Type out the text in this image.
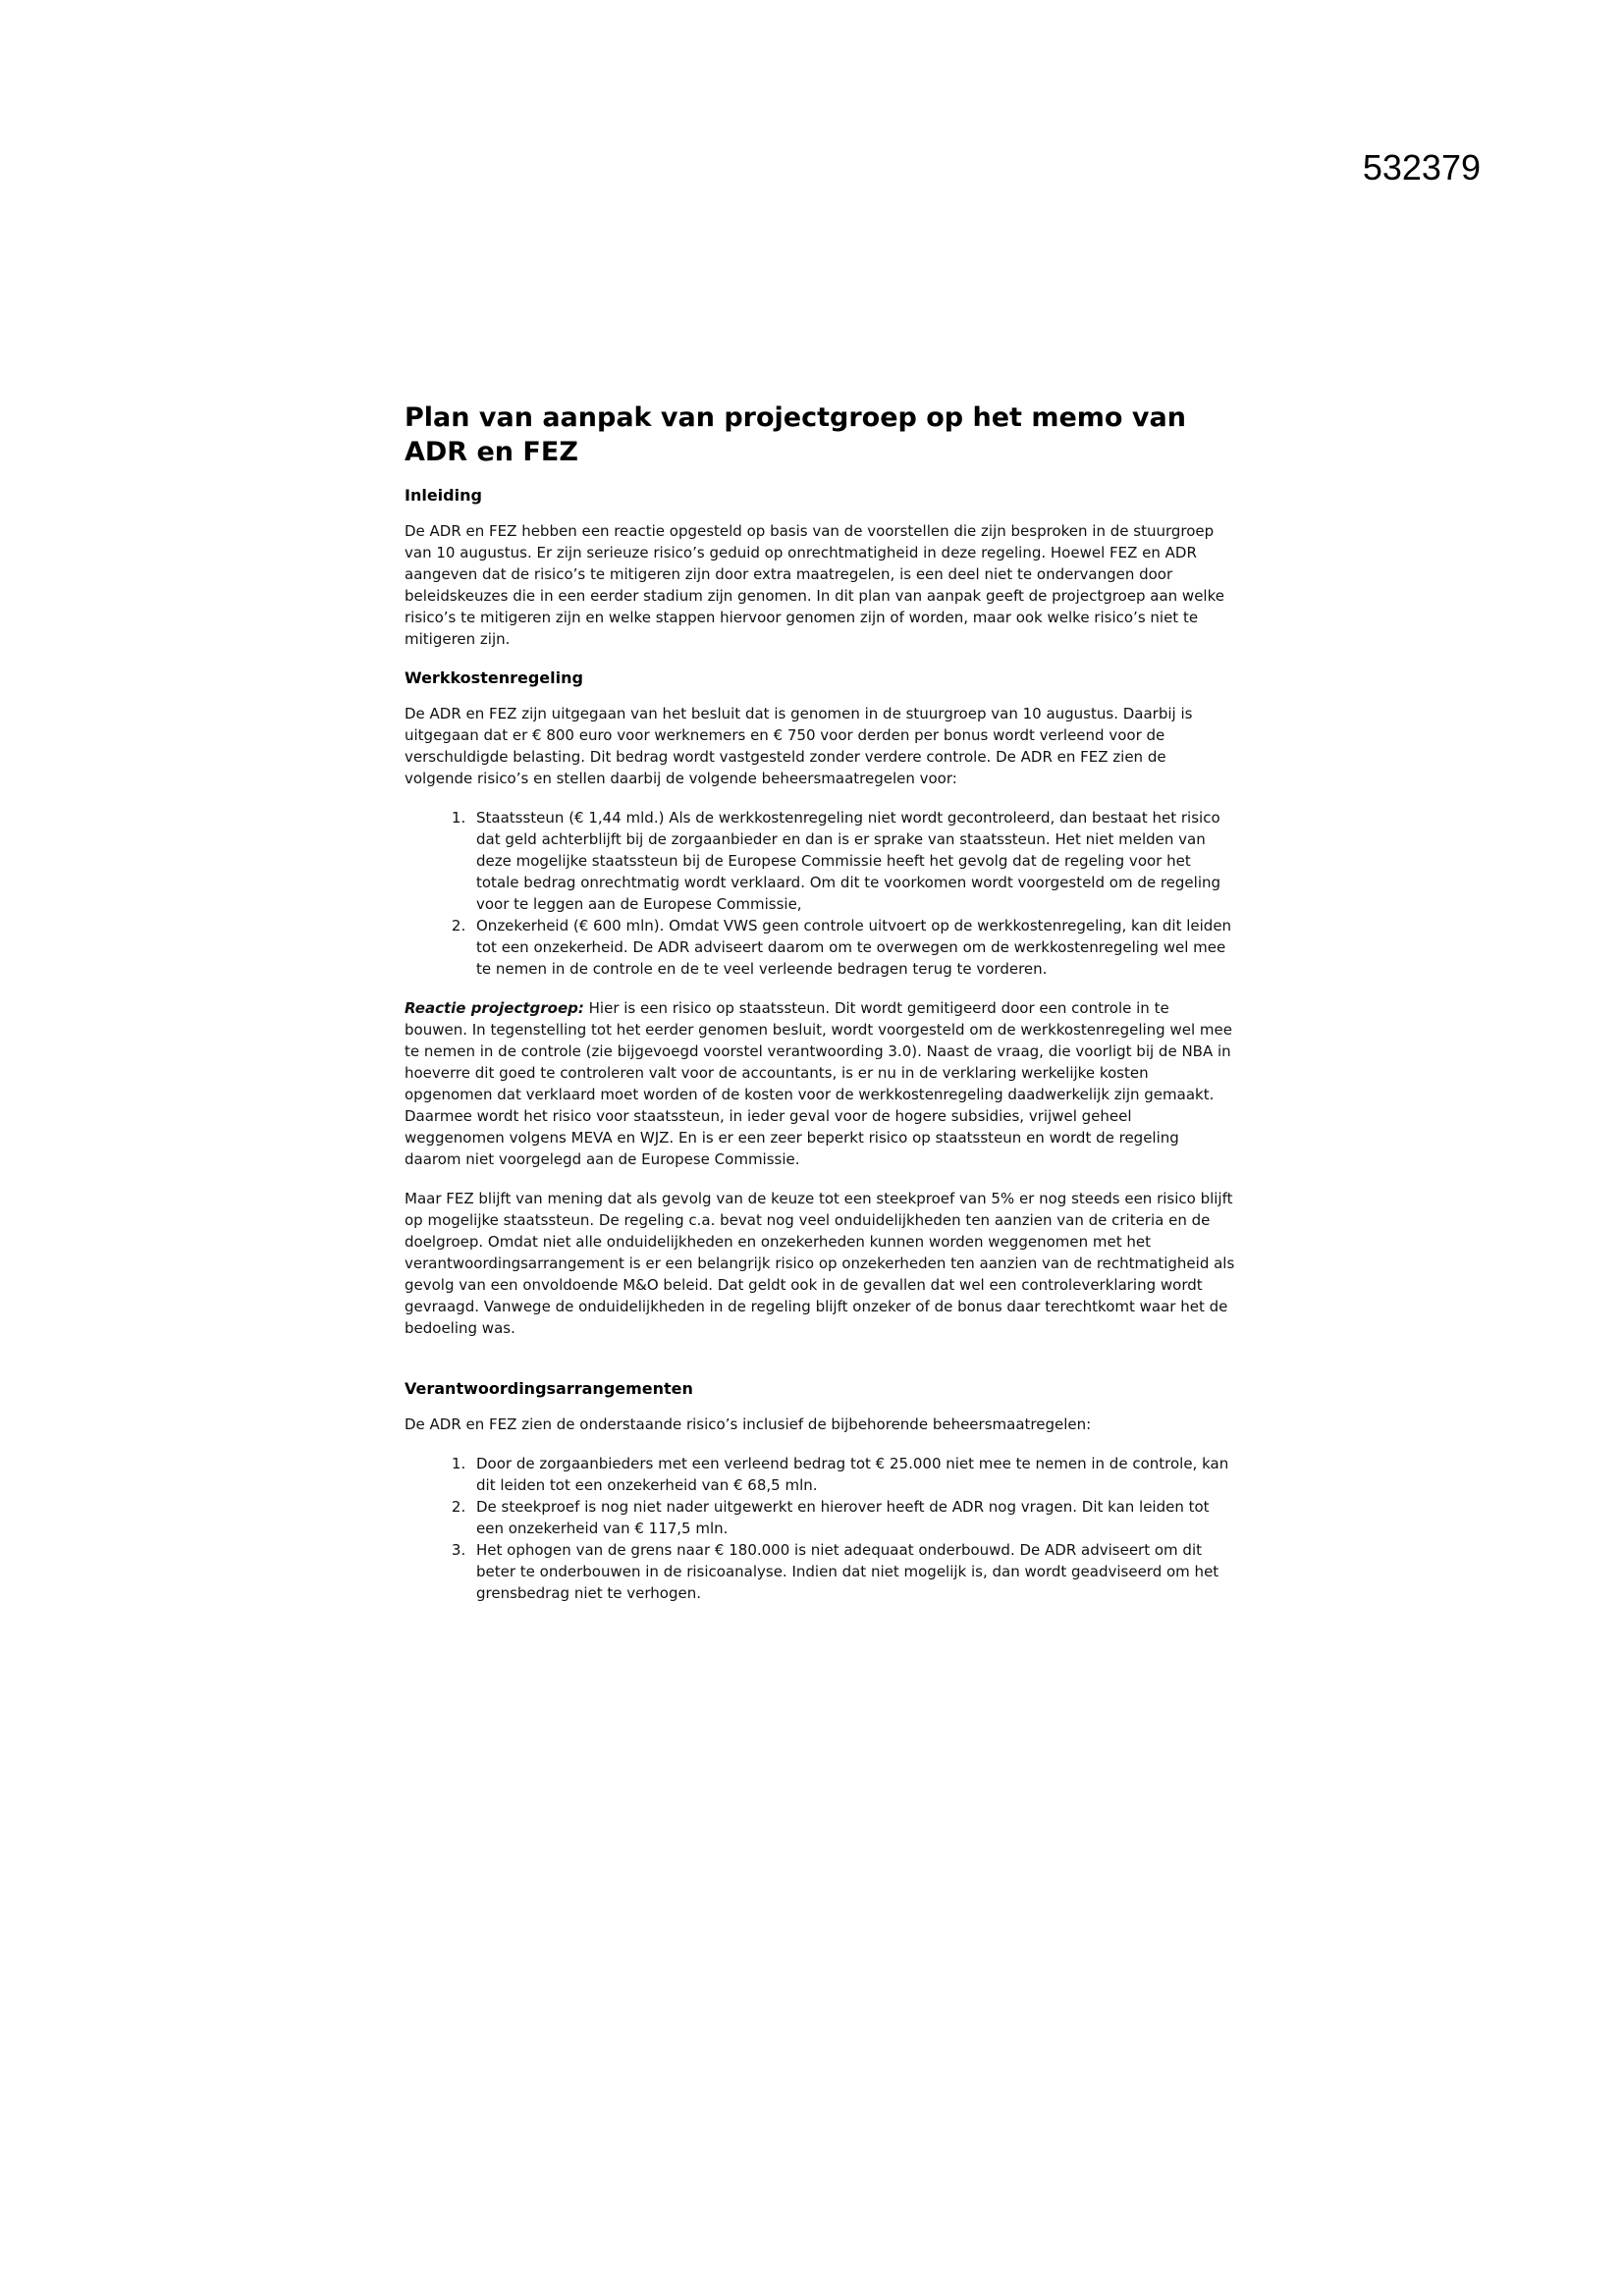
532379
Plan van aanpak van projectgroep op het memo van ADR en FEZ
Inleiding

De ADR en FEZ hebben een reactie opgesteld op basis van de voorstellen die zijn besproken in de stuurgroep van 10 augustus. Er zijn serieuze risico’s geduid op onrechtmatigheid in deze regeling. Hoewel FEZ en ADR aangeven dat de risico’s te mitigeren zijn door extra maatregelen, is een deel niet te ondervangen door beleidskeuzes die in een eerder stadium zijn genomen. In dit plan van aanpak geeft de projectgroep aan welke risico’s te mitigeren zijn en welke stappen hiervoor genomen zijn of worden, maar ook welke risico’s niet te mitigeren zijn.

Werkkostenregeling

De ADR en FEZ zijn uitgegaan van het besluit dat is genomen in de stuurgroep van 10 augustus. Daarbij is uitgegaan dat er € 800 euro voor werknemers en € 750 voor derden per bonus wordt verleend voor de verschuldigde belasting. Dit bedrag wordt vastgesteld zonder verdere controle. De ADR en FEZ zien de volgende risico’s en stellen daarbij de volgende beheersmaatregelen voor:

1. Staatssteun (€ 1,44 mld.) Als de werkkostenregeling niet wordt gecontroleerd, dan bestaat het risico dat geld achterblijft bij de zorgaanbieder en dan is er sprake van staatssteun. Het niet melden van deze mogelijke staatssteun bij de Europese Commissie heeft het gevolg dat de regeling voor het totale bedrag onrechtmatig wordt verklaard. Om dit te voorkomen wordt voorgesteld om de regeling voor te leggen aan de Europese Commissie,
2. Onzekerheid (€ 600 mln). Omdat VWS geen controle uitvoert op de werkkostenregeling, kan dit leiden tot een onzekerheid. De ADR adviseert daarom om te overwegen om de werkkostenregeling wel mee te nemen in de controle en de te veel verleende bedragen terug te vorderen.

Reactie projectgroep: Hier is een risico op staatssteun. Dit wordt gemitigeerd door een controle in te bouwen. In tegenstelling tot het eerder genomen besluit, wordt voorgesteld om de werkkostenregeling wel mee te nemen in de controle (zie bijgevoegd voorstel verantwoording 3.0). Naast de vraag, die voorligt bij de NBA in hoeverre dit goed te controleren valt voor de accountants, is er nu in de verklaring werkelijke kosten opgenomen dat verklaard moet worden of de kosten voor de werkkostenregeling daadwerkelijk zijn gemaakt. Daarmee wordt het risico voor staatssteun, in ieder geval voor de hogere subsidies, vrijwel geheel weggenomen volgens MEVA en WJZ. En is er een zeer beperkt risico op staatssteun en wordt de regeling daarom niet voorgelegd aan de Europese Commissie.

Maar FEZ blijft van mening dat als gevolg van de keuze tot een steekproef van 5% er nog steeds een risico blijft op mogelijke staatssteun. De regeling c.a. bevat nog veel onduidelijkheden ten aanzien van de criteria en de doelgroep. Omdat niet alle onduidelijkheden en onzekerheden kunnen worden weggenomen met het verantwoordingsarrangement is er een belangrijk risico op onzekerheden ten aanzien van de rechtmatigheid als gevolg van een onvoldoende M&O beleid. Dat geldt ook in de gevallen dat wel een controleverklaring wordt gevraagd. Vanwege de onduidelijkheden in de regeling blijft onzeker of de bonus daar terechtkomt waar het de bedoeling was.

Verantwoordingsarrangementen

De ADR en FEZ zien de onderstaande risico’s inclusief de bijbehorende beheersmaatregelen:

1. Door de zorgaanbieders met een verleend bedrag tot € 25.000 niet mee te nemen in de controle, kan dit leiden tot een onzekerheid van € 68,5 mln.
2. De steekproef is nog niet nader uitgewerkt en hierover heeft de ADR nog vragen. Dit kan leiden tot een onzekerheid van € 117,5 mln.
3. Het ophogen van de grens naar € 180.000 is niet adequaat onderbouwd. De ADR adviseert om dit beter te onderbouwen in de risicoanalyse. Indien dat niet mogelijk is, dan wordt geadviseerd om het grensbedrag niet te verhogen.
